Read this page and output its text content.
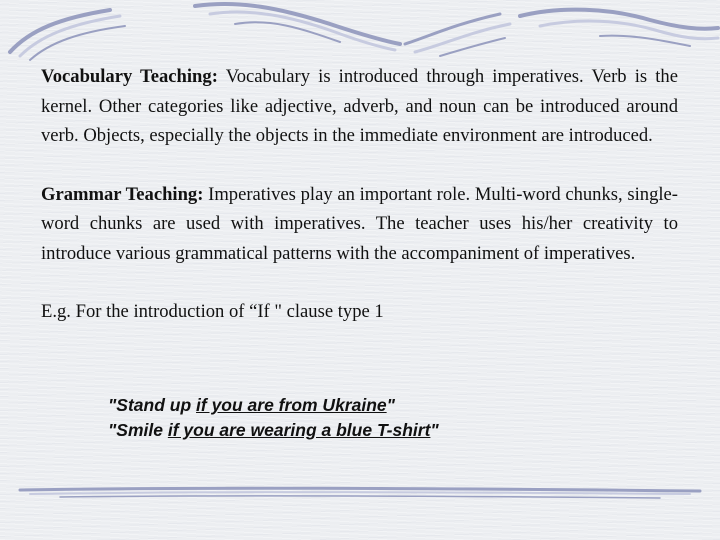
Vocabulary Teaching: Vocabulary is introduced through imperatives. Verb is the kernel. Other categories like adjective, adverb, and noun can be introduced around verb. Objects, especially the objects in the immediate environment are introduced.

Grammar Teaching: Imperatives play an important role. Multi-word chunks, single-word chunks are used with imperatives. The teacher uses his/her creativity to introduce various grammatical patterns with the accompaniment of imperatives.

E.g. For the introduction of “If " clause type 1

"Stand up if you are from Ukraine"

"Smile if you are wearing a blue T-shirt"
